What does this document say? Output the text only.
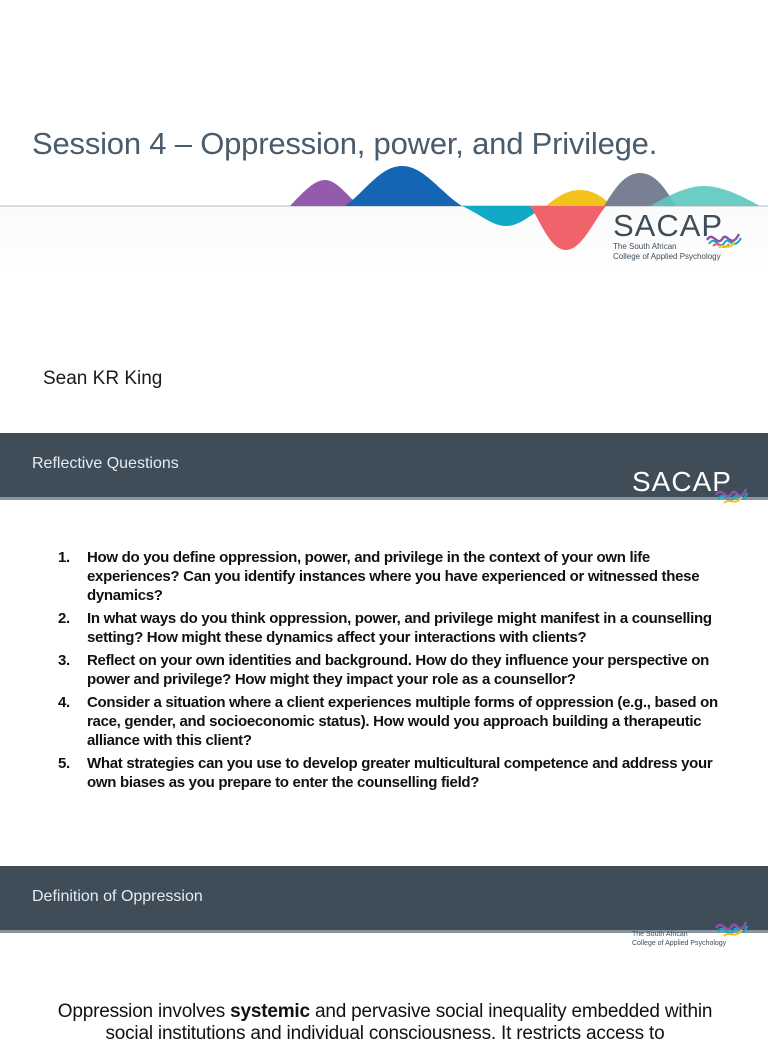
Session 4 – Oppression, power, and Privilege.
SACAP
The South African
College of Applied Psychology
Sean KR King
Reflective Questions
SACAP
1. How do you define oppression, power, and privilege in the context of your own life experiences? Can you identify instances where you have experienced or witnessed these dynamics?
2. In what ways do you think oppression, power, and privilege might manifest in a counselling setting? How might these dynamics affect your interactions with clients?
3. Reflect on your own identities and background. How do they influence your perspective on power and privilege? How might they impact your role as a counsellor?
4. Consider a situation where a client experiences multiple forms of oppression (e.g., based on race, gender, and socioeconomic status). How would you approach building a therapeutic alliance with this client?
5. What strategies can you use to develop greater multicultural competence and address your own biases as you prepare to enter the counselling field?
Definition of Oppression
SACAP
The South African
College of Applied Psychology

Oppression involves systemic and pervasive social inequality embedded within social institutions and individual consciousness. It restricts access to
